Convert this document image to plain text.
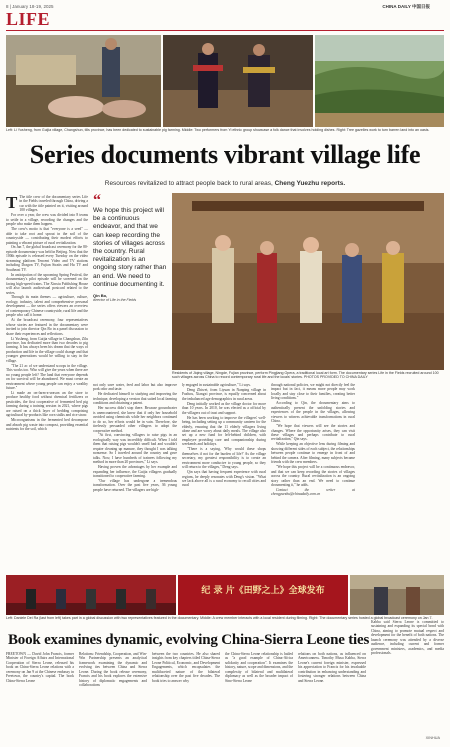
8 | January 18-19, 2025	CHINA DAILY 中国日报
LIFE
Left: Li Yusheng, from Guijia village, Changshun, tills province, has been dedicated to sustainable pig farming. Middle: Two performers from Yi ethnic group showcase a folk dance that involves holding dishes. Right: Tree gazelles work to turn barren land into an oasis.
Series documents vibrant village life
Resources revitalized to attract people back to rural areas, Cheng Yuezhu reports.
Residents of Jiqing village, Ningde, Fujian province, perform Pingjiang Opera, a traditional local art form. The documentary series Life in the Fields recruited around 100 such villages across China to record contemporary rural life and the locals' stories. PHOTOS PROVIDED TO CHINA DAILY
T The title crew of the documentary series Life in the Fields traveled through China, driving a car with the title painted on it, visiting around 100 villages.

For over a year, the crew was divided into 8 teams to settle in a village, recording the changes and the people who make them happen.

The crew's motto is that "everyone is a seed" — able to take root and sprout in the soil of the countryside — contributing their modest efforts to painting a vibrant picture of rural revitalization.

On Jan 7, the global broadcast ceremony for the 80-episode documentary was held in Beijing. Now that the 100th episode is released every Tuesday on the video streaming platform Tencent Video and TV stations including Dragon TV, Fujian Straits and Hu TV and Southeast TV.

In anticipation of the upcoming Spring Festival, the documentary's pilot episode will be screened on the facing high-speed trains. The Xinxiu Publishing House will also launch audiovisual postcard related to the series.

Through its main themes — agriculture, culture, ecology, industry, talent and comprehensive personal development — the series offers viewers an overview of contemporary Chinese countryside, rural life and the people who call it home.

At the broadcast ceremony, four representatives whose stories are featured in the documentary were invited to join director Qin Bo in a panel discussion to share their experiences and reflections.

Li Yusheng, from Guijia village in Changshun, Zilu province, has dedicated more than two decades to pig farming. It has always been his dream that the ways of production and life in the village could change and that younger generations would be willing to stay in the village.

"The 21 ac of we understand scoops in the village. This works too. Who will give the years when there are no young people left? The land that everyone depends on for survival will be abandoned. We must create an environment where young people can enjoy a wealthy future."

Li made an on-farm-a-season an the store to produce healthy food without chemical fertilizers or pesticides, the first cooperative of fermented bed pig farming during a training session in 2021, where pigs are raised on a thick layer of bedding comprising agricultural by-products like corn stalks and rice straw.

Microorganisms in the fermented bed decompose and absorb pig waste into compost, providing essential nutrients for the soil, which

“
We hope this project will be a continuous endeavor, and that we can keep recording the stories of villages across the country. Rural revitalization is an ongoing story rather than an end. We need to continue documenting it.
Qin Bo,
director of Life in the Fields

not only save water, feed and labor but also improve pork odor and taste.

He dedicated himself to studying and improving the technique, developing a version that suited local farming conditions and obtaining a patent.

Her success didn't stop there. Because groundwater is unencountered, she knew that if only her household avoided using chemicals while her neighbors continued to do so, her efforts would be in vain. Therefore, she tirelessly persuaded other villagers to adopt the cooperative method.

"At first, convincing villagers to raise pigs in an ecologically way was incredibly difficult. When I told them that raising pigs wouldn't smell bad and wouldn't require cleaning up manure, they thought I was talking nonsense. So I traveled around the country and gave talks. Now, I have hundreds of trainees following my method in more than 20 provinces," Li says.

Having proven the advantages by her example and expanding her influence, the Guijia villagers gradually transitioned to cooperative farming.

"Our village has undergone a tremendous transformation. Over the past five years, 36 young people have returned. The villagers are high-

ly engaged in sustainable agriculture," Li says.

Deng Zhiwei, from Liyuan in Nanping village in Fuzhou, Xiangxi province, is equally concerned about the imbalanced age demographics in rural areas.

Deng initially worked as the village doctor for more than 10 years. In 2010, he was elected as a official by the villagers out of trust and support.

He has been working to improve the villagers' well-being, including setting up a community canteen for the elderly, ensuring that the 11 elderly villagers living alone and are worry about daily meals. The village also set up a new fund for left-behind children, with employee providing care and companionship during weekends and holidays.

"There is a saying, 'Why would these shops themselves if not for the burden of life?' As the village secretary, my greatest responsibility is to create an environment more conducive to young people, so they will return to the villages," Deng says.

Qin says that having frequent experience with rural regions, he deeply resonates with Deng's vision. "What we lack above all is a rural economy to recall cities and rural

through national policies, we might not directly feel the impact but in fact, it means more people may work locally and stay close to their families, creating better living conditions."

According to Qin, the documentary aims to authentically present the unfolding stories and experiences of the people in the villages, allowing viewers to witness achievable transformations in rural China.

"We hope that viewers will see the stories and changes. Where the opportunity arises, they can visit these villages and perhaps contribute to rural revitalization," Qin says.

While keeping an objective lens during filming and showing different sides of each subject, the relationships between people continue to emerge in front of and behind the camera. After filming, many subjects became friends with the crew members.

"We hope this project will be a continuous endeavor, and that we can keep recording the stories of villages across the country. Rural revitalization is an ongoing story rather than an end. We need to continue documenting it," he adds.

Contact the writer at chengyuezhu@chinadaily.com.cn

纪 录 片《田野之上》全球发布
Left: Daniele Dei Ra (last from left) takes part in a global discussion with two representatives featured in the documentary. Middle: A crew member interacts with a local resident during filming. Right: The documentary series hosted a global broadcast ceremony on Jan 7.
Book examines dynamic, evolving China-Sierra Leone ties
FREETOWN — David John Francis, former Minister of Foreign Affairs and International Cooperation of Sierra Leone, released his book on China-Sierra Leone relations with a ceremony on Jan 9 at the Chinese embassy in Freetown, the country's capital. The book China-Sierra Leone
Relations: Friendship, Cooperation, and Win-Win Partnership presents an analytical framework examining the dynamic and evolving ties between China and Sierra Leone. During the book release ceremony, Francis and his book explores the extensive history of diplomatic engagements and collaborations
between the two countries. He also shared insights from key chapters titled China-Sierra Leone Political, Economic, and Development Engagements, which encapsulates the multifaceted nature of the bilateral relationship over the past five decades. The book tries to answer why
the China-Sierra Leone relationship is hailed as "a good example of China-Africa solidarity and cooperation". It examines the history, nature, scope and dimensions, and the complexity of bilateral and multilateral diplomacy as well as the broader impact of Sino-Sierra Leone
relations on both nations, as influenced on Americanness. Timothy Musa Kabba, Sierra Leone's current foreign minister, expressed his appreciation to Francis for his invaluable contribution in enhancing understanding and fostering stronger relations between China and Sierra Leone.
Kabba said Sierra Leone is committed to sustaining and expanding its special bond with China, aiming to promote mutual respect and development for the benefit of both nations. The launch ceremony was attended by a diverse audience, including current and former government ministers, academics, and media professionals.
XINHUA
